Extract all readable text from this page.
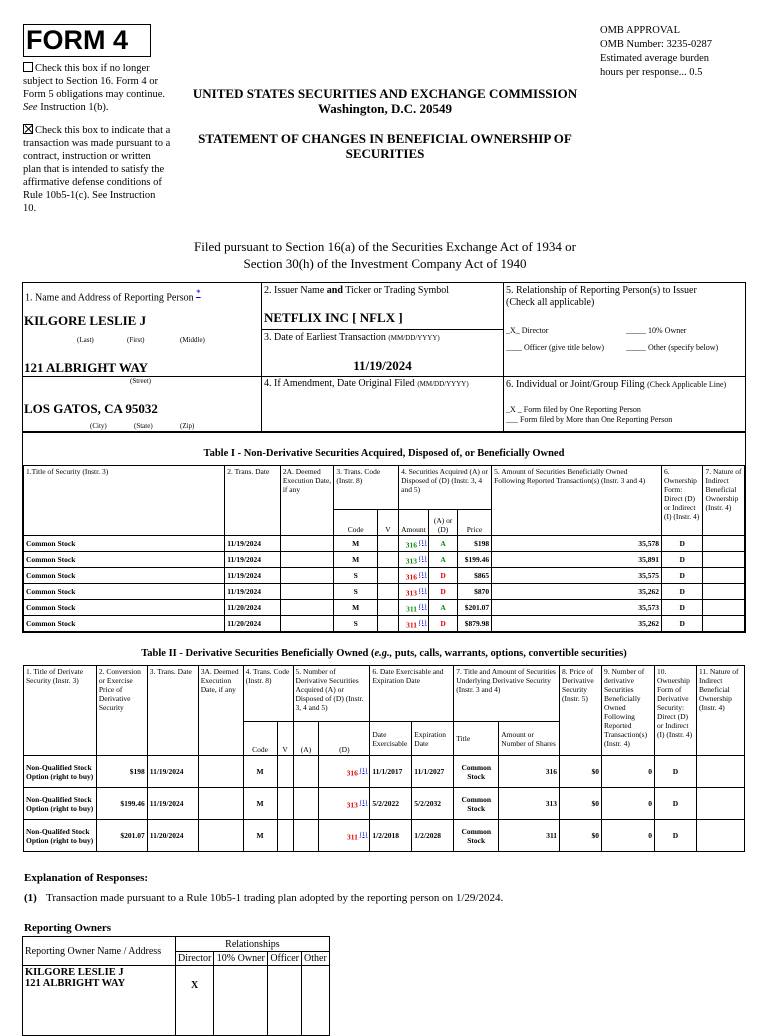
FORM 4
Check this box if no longer subject to Section 16. Form 4 or Form 5 obligations may continue. See Instruction 1(b).
Check this box to indicate that a transaction was made pursuant to a contract, instruction or written plan that is intended to satisfy the affirmative defense conditions of Rule 10b5-1(c). See Instruction 10.
OMB APPROVAL
OMB Number: 3235-0287
Estimated average burden
hours per response... 0.5
UNITED STATES SECURITIES AND EXCHANGE COMMISSION
Washington, D.C. 20549
STATEMENT OF CHANGES IN BENEFICIAL OWNERSHIP OF SECURITIES
Filed pursuant to Section 16(a) of the Securities Exchange Act of 1934 or
Section 30(h) of the Investment Company Act of 1940
1. Name and Address of Reporting Person *
KILGORE LESLIE J
(Last)	(First)	(Middle)
121 ALBRIGHT WAY
(Street)
LOS GATOS, CA 95032
(City)	(State)	(Zip)
2. Issuer Name and Ticker or Trading Symbol
NETFLIX INC [ NFLX ]
3. Date of Earliest Transaction (MM/DD/YYYY)
11/19/2024
4. If Amendment, Date Original Filed (MM/DD/YYYY)
5. Relationship of Reporting Person(s) to Issuer
(Check all applicable)
_X_ Director	_____ 10% Owner
____ Officer (give title below)	_____ Other (specify below)
6. Individual or Joint/Group Filing (Check Applicable Line)
_X _ Form filed by One Reporting Person
___ Form filed by More than One Reporting Person
Table I - Non-Derivative Securities Acquired, Disposed of, or Beneficially Owned
1.Title of Security (Instr. 3)	2. Trans. Date	2A. Deemed Execution Date, if any	3. Trans. Code (Instr. 8)		4. Securities Acquired (A) or Disposed of (D) (Instr. 3, 4 and 5)			5. Amount of Securities Beneficially Owned Following Reported Transaction(s) (Instr. 3 and 4)	6. Ownership Form: Direct (D) or Indirect (I) (Instr. 4)	7. Nature of Indirect Beneficial Ownership (Instr. 4)
			Code	V	Amount	(A) or (D)	Price			
Common Stock	11/19/2024		M		316 (1)	A	$198	35,578	D	
Common Stock	11/19/2024		M		313 (1)	A	$199.46	35,891	D	
Common Stock	11/19/2024		S		316 (1)	D	$865	35,575	D	
Common Stock	11/19/2024		S		313 (1)	D	$870	35,262	D	
Common Stock	11/20/2024		M		311 (1)	A	$201.07	35,573	D	
Common Stock	11/20/2024		S		311 (1)	D	$879.98	35,262	D	
Table II - Derivative Securities Beneficially Owned (e.g., puts, calls, warrants, options, convertible securities)
1. Title of Derivate Security (Instr. 3)	2. Conversion or Exercise Price of Derivative Security	3. Trans. Date	3A. Deemed Execution Date, if any	4. Trans. Code (Instr. 8)		5. Number of Derivative Securities Acquired (A) or Disposed of (D) (Instr. 3, 4 and 5)		6. Date Exercisable and Expiration Date		7. Title and Amount of Securities Underlying Derivative Security (Instr. 3 and 4)		8. Price of Derivative Security (Instr. 5)	9. Number of derivative Securities Beneficially Owned Following Reported Transaction(s) (Instr. 4)	10. Ownership Form of Derivative Security: Direct (D) or Indirect (I) (Instr. 4)	11. Nature of Indirect Beneficial Ownership (Instr. 4)
				Code	V	(A)	(D)	Date Exercisable	Expiration Date	Title	Amount or Number of Shares				
Non-Qualified Stock Option (right to buy)	$198	11/19/2024		M			316 (1)	11/1/2017	11/1/2027	Common Stock	316	$0	0	D	
Non-Qualified Stock Option (right to buy)	$199.46	11/19/2024		M			313 (1)	5/2/2022	5/2/2032	Common Stock	313	$0	0	D	
Non-Qualifed Stock Option (right to buy)	$201.07	11/20/2024		M			311 (1)	1/2/2018	1/2/2028	Common Stock	311	$0	0	D	
Explanation of Responses:
(1) Transaction made pursuant to a Rule 10b5-1 trading plan adopted by the reporting person on 1/29/2024.
Reporting Owners
Reporting Owner Name / Address	Relationships			
	Director	10% Owner	Officer	Other

KILGORE LESLIE J
121 ALBRIGHT WAY	X			
